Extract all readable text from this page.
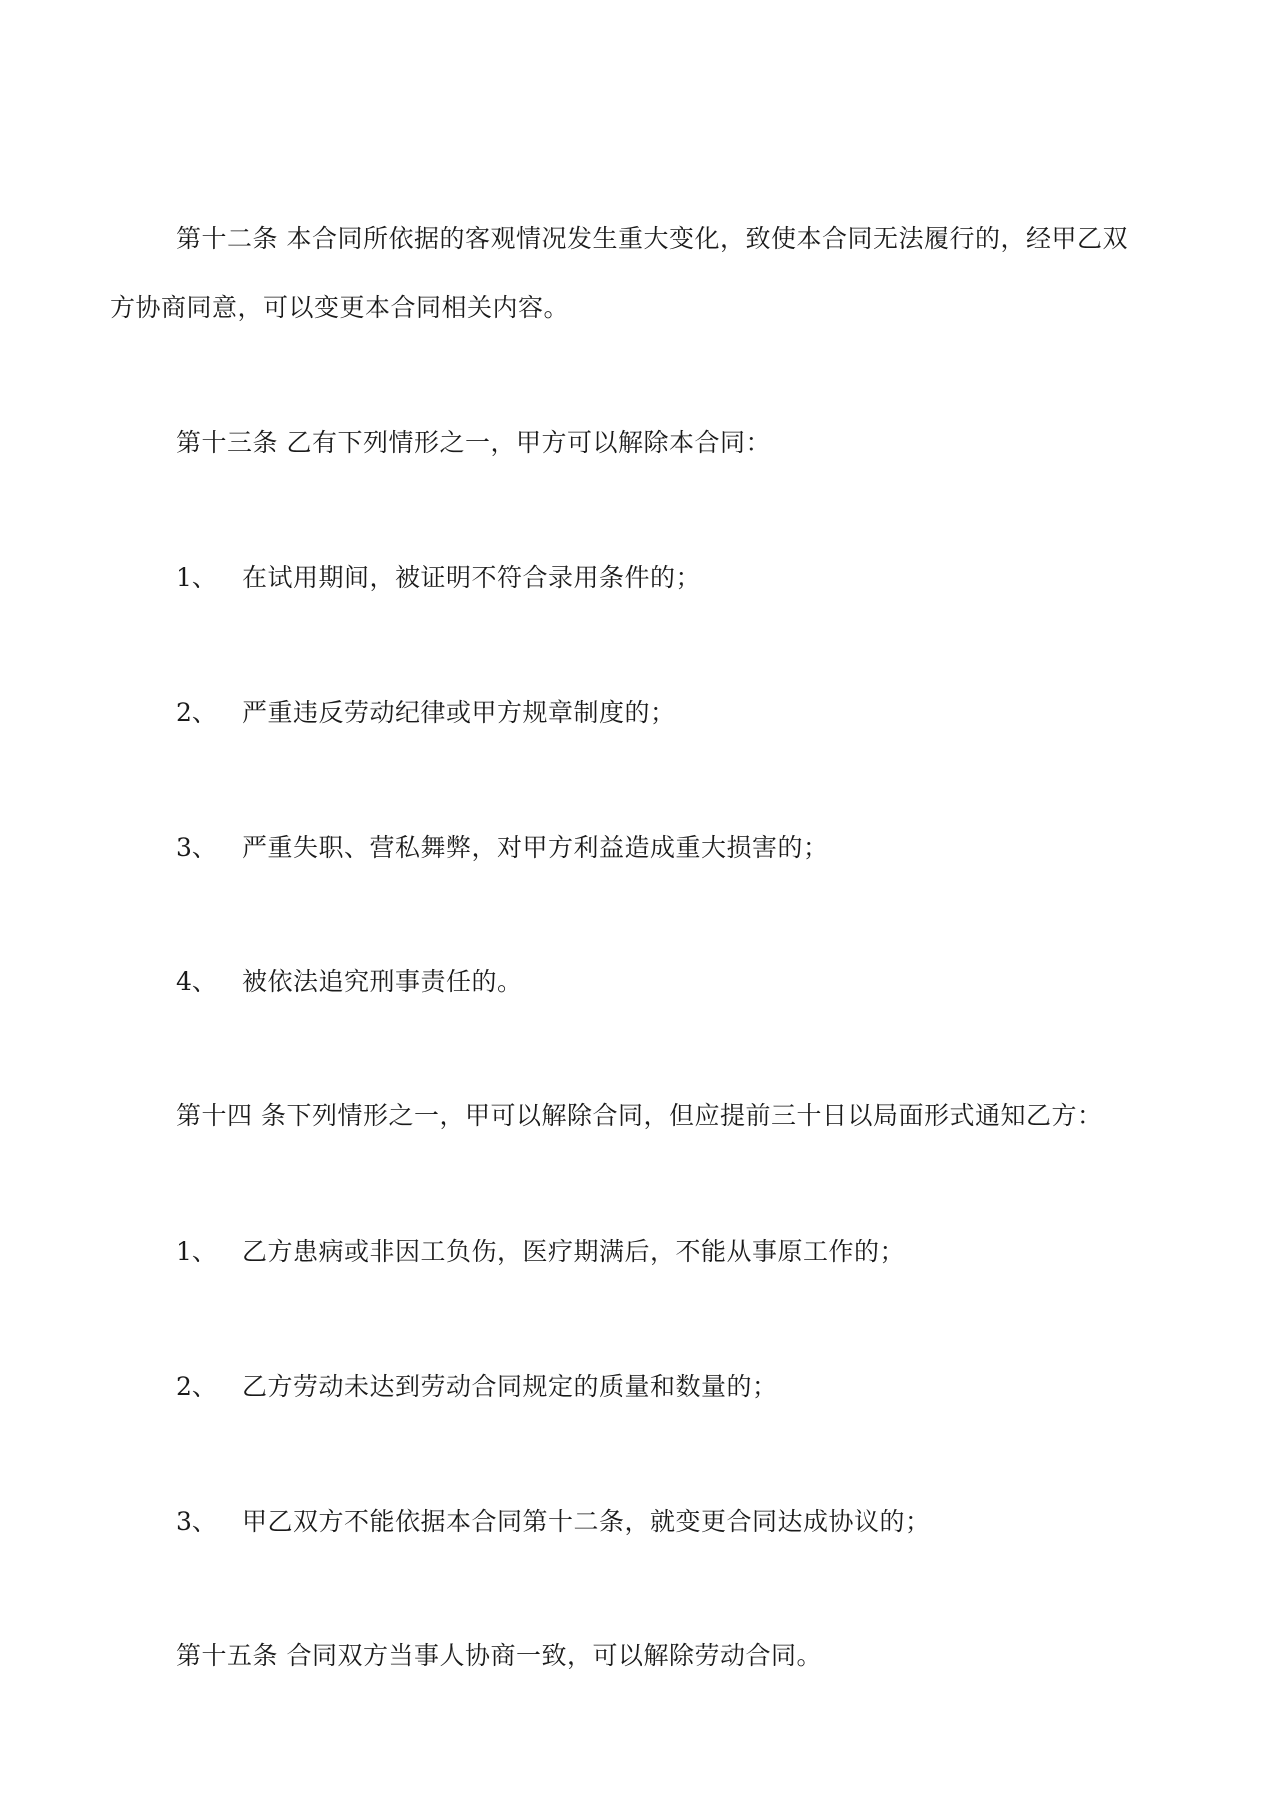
第十二条 本合同所依据的客观情况发生重大变化，致使本合同无法履行的，经甲乙双
方协商同意，可以变更本合同相关内容。
第十三条 乙有下列情形之一，甲方可以解除本合同：
1、 在试用期间，被证明不符合录用条件的；
2、 严重违反劳动纪律或甲方规章制度的；
3、 严重失职、营私舞弊，对甲方利益造成重大损害的；
4、 被依法追究刑事责任的。
第十四 条下列情形之一，甲可以解除合同，但应提前三十日以局面形式通知乙方：
1、 乙方患病或非因工负伤，医疗期满后，不能从事原工作的；
2、 乙方劳动未达到劳动合同规定的质量和数量的；
3、 甲乙双方不能依据本合同第十二条，就变更合同达成协议的；
第十五条 合同双方当事人协商一致，可以解除劳动合同。
